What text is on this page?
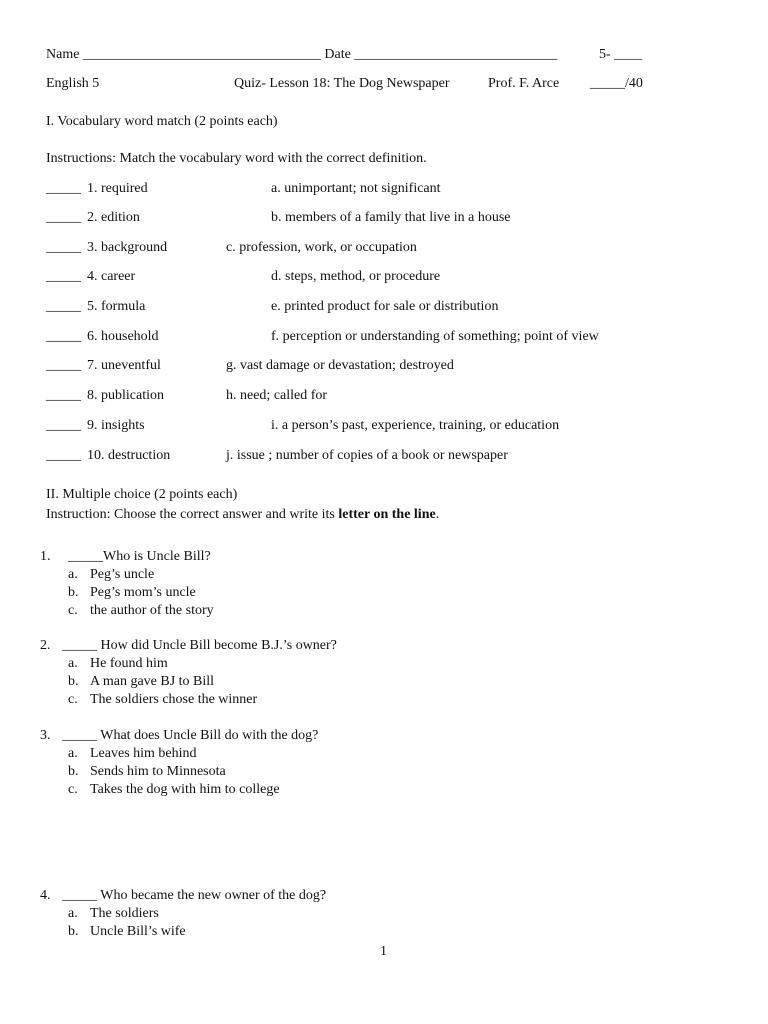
Name __________________________________ Date _____________________________	5- ____
English 5	Quiz- Lesson 18: The Dog Newspaper	Prof. F. Arce _____/40
I. Vocabulary word match (2 points each)
Instructions: Match the vocabulary word with the correct definition.
_____ 1. required	a. unimportant; not significant
_____ 2. edition	b. members of a family that live in a house
_____ 3. background	c. profession, work, or occupation
_____ 4. career	d. steps, method, or procedure
_____ 5. formula	e. printed product for sale or distribution
_____ 6. household	f. perception or understanding of something; point of view
_____ 7. uneventful	g. vast damage or devastation; destroyed
_____ 8. publication	h. need; called for
_____ 9. insights	i. a person’s past, experience, training, or education
_____ 10. destruction	j. issue ; number of copies of a book or newspaper
II. Multiple choice (2 points each)
Instruction: Choose the correct answer and write its letter on the line.
1. _____Who is Uncle Bill?
a. Peg’s uncle
b. Peg’s mom’s uncle
c. the author of the story
2. _____ How did Uncle Bill become B.J.’s owner?
a. He found him
b. A man gave BJ to Bill
c. The soldiers chose the winner
3. _____ What does Uncle Bill do with the dog?
a. Leaves him behind
b. Sends him to Minnesota
c. Takes the dog with him to college
4. _____ Who became the new owner of the dog?
a. The soldiers
b. Uncle Bill’s wife
1
